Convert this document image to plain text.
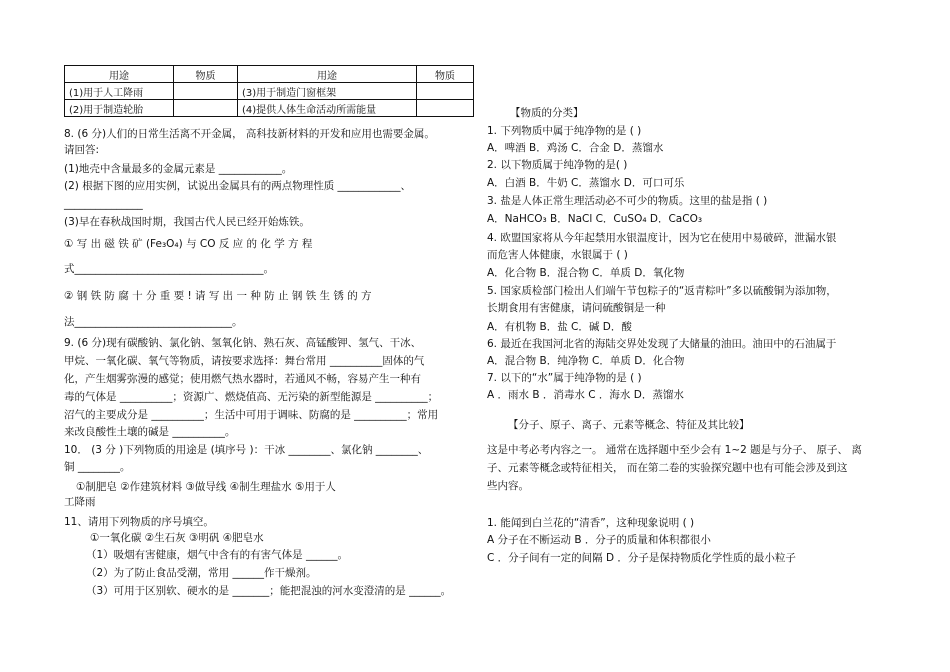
用途	物质	用途	物质
(1)用于人工降雨		(3)用于制造门窗框架	
(2)用于制造轮胎		(4)提供人体生命活动所需能量	
8. (6 分)人们的日常生活离不开金属， 高科技新材料的开发和应用也需要金属。
请回答:
(1)地壳中含量最多的金属元素是 ____________。
(2) 根据下图的应用实例，试说出金属具有的两点物理性质 ____________、
_______________
(3)早在春秋战国时期，我国古代人民已经开始炼铁。
① 写 出 磁 铁 矿 (Fe₃O₄) 与 CO 反 应 的 化 学 方 程
式____________________________________。
② 钢 铁 防 腐 十 分 重 要 ! 请 写 出 一 种 防 止 钢 铁 生 锈 的 方
法______________________________。
9. (6 分)现有碳酸钠、氯化钠、氢氧化钠、熟石灰、高锰酸钾、氢气、干冰、
甲烷、一氧化碳、氧气等物质，请按要求选择：舞台常用 __________固体的气
化，产生烟雾弥漫的感觉；使用燃气热水器时，若通风不畅，容易产生一种有
毒的气体是 __________；资源广、燃烧值高、无污染的新型能源是 __________；
沼气的主要成分是 __________；生活中可用于调味、防腐的是 __________；常用
来改良酸性土壤的碱是 __________。
10． (3 分 )下列物质的用途是 (填序号 )：干冰 ________、氯化钠 ________、
铜 ________。
①制肥皂 ②作建筑材料 ③做导线 ④制生理盐水 ⑤用于人
工降雨
11、请用下列物质的序号填空。
①一氧化碳 ②生石灰 ③明矾 ④肥皂水
（1）吸烟有害健康，烟气中含有的有害气体是 ______。
（2）为了防止食品受潮，常用 ______作干燥剂。
（3）可用于区别软、硬水的是 _______；能把混浊的河水变澄清的是 ______。
【物质的分类】
1. 下列物质中属于纯净物的是 ( )
A．啤酒 B．鸡汤 C．合金 D．蒸馏水
2. 以下物质属于纯净物的是( )
A．白酒 B．牛奶 C．蒸馏水 D．可口可乐
3. 盐是人体正常生理活动必不可少的物质。这里的盐是指 ( )
A．NaHCO₃ B．NaCl C．CuSO₄ D．CaCO₃
4. 欧盟国家将从今年起禁用水银温度计，因为它在使用中易破碎，泄漏水银
而危害人体健康，水银属于 ( )
A．化合物 B．混合物 C．单质 D．氧化物
5. 国家质检部门检出人们端午节包粽子的“返青粽叶”多以硫酸铜为添加物，
长期食用有害健康，请问硫酸铜是一种
A．有机物 B．盐 C．碱 D．酸
6. 最近在我国河北省的海陆交界处发现了大储量的油田。油田中的石油属于
A．混合物 B．纯净物 C．单质 D．化合物
7. 以下的“水”属于纯净物的是 ( )
A ．雨水 B ．消毒水 C ．海水 D．蒸馏水
【分子、原子、离子、元素等概念、特征及其比较】
这是中考必考内容之一。 通常在选择题中至少会有 1~2 题是与分子、 原子、 离
子、元素等概念或特征相关， 而在第二卷的实验探究题中也有可能会涉及到这
些内容。
1. 能闻到白兰花的“清香”，这种现象说明 ( )
A 分子在不断运动 B ．分子的质量和体积都很小
C ．分子间有一定的间隔 D ．分子是保持物质化学性质的最小粒子
